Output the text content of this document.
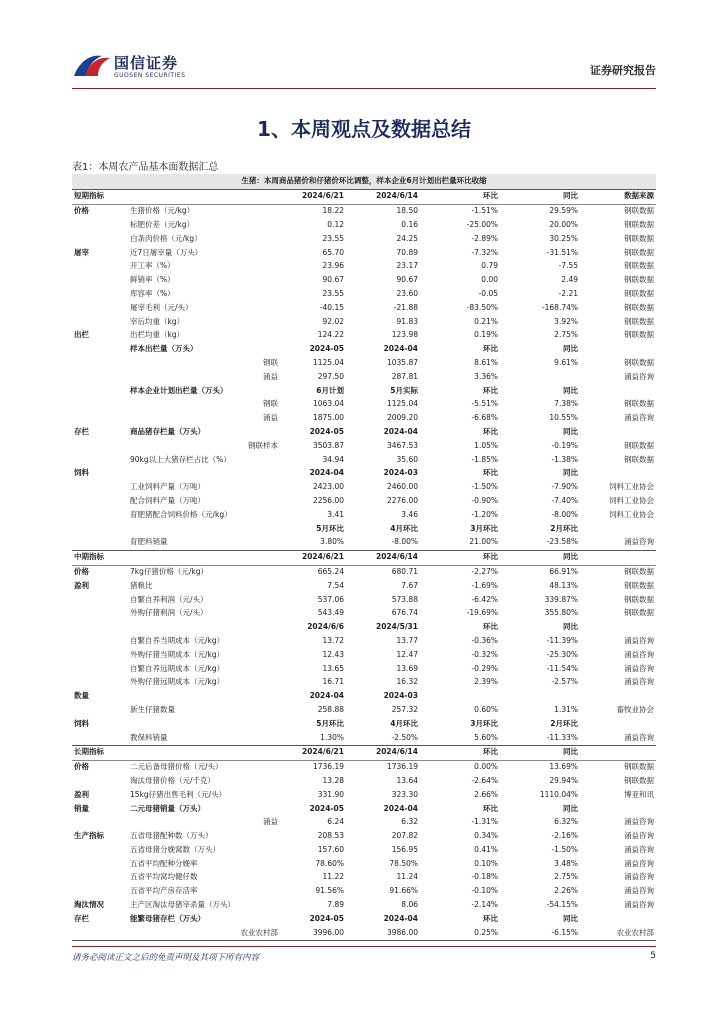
国信证券
GUOSEN SECURITIES	证券研究报告
1、本周观点及数据总结
表1：本周农产品基本面数据汇总
生猪：本周商品猪价和仔猪价环比调整，样本企业6月计划出栏量环比收缩						
短期指标		2024/6/21	2024/6/14	环比	同比	数据来源
价格	生猪价格（元/kg）	18.22	18.50	-1.51%	29.59%	钢联数据
	标肥价差（元/kg）	0.12	0.16	-25.00%	20.00%	钢联数据
	白条肉价格（元/kg）	23.55	24.25	-2.89%	30.25%	钢联数据
屠宰	近7日屠宰量（万头）	65.70	70.89	-7.32%	-31.51%	钢联数据
	开工率（%）	23.96	23.17	0.79	-7.55	钢联数据
	鲜销率（%）	90.67	90.67	0.00	2.49	钢联数据
	库容率（%）	23.55	23.60	-0.05	-2.21	钢联数据
	屠宰毛利（元/头）	-40.15	-21.88	-83.50%	-168.74%	钢联数据
	宰后均重（kg）	92.02	91.83	0.21%	3.92%	钢联数据
出栏	出栏均重（kg）	124.22	123.98	0.19%	2.75%	钢联数据
	样本出栏量（万头）	2024-05	2024-04	环比	同比	
	钢联	1125.04	1035.87	8.61%	9.61%	钢联数据
	涌益	297.50	287.81	3.36%		涌益咨询
	样本企业计划出栏量（万头）	6月计划	5月实际	环比	同比	
	钢联	1063.04	1125.04	-5.51%	7.38%	钢联数据
	涌益	1875.00	2009.20	-6.68%	10.55%	涌益咨询
存栏	商品猪存栏量（万头）	2024-05	2024-04	环比	同比	
	钢联样本	3503.87	3467.53	1.05%	-0.19%	钢联数据
	90kg以上大猪存栏占比（%）	34.94	35.60	-1.85%	-1.38%	钢联数据
饲料		2024-04	2024-03	环比	同比	
	工业饲料产量（万吨）	2423.00	2460.00	-1.50%	-7.90%	饲料工业协会
	配合饲料产量（万吨）	2256.00	2276.00	-0.90%	-7.40%	饲料工业协会
	育肥猪配合饲料价格（元/kg）	3.41	3.46	-1.20%	-8.00%	饲料工业协会
		5月环比	4月环比	3月环比	2月环比	
	育肥料销量	3.80%	-8.00%	21.00%	-23.58%	涌益咨询
中期指标		2024/6/21	2024/6/14	环比	同比	
价格	7kg仔猪价格（元/kg）	665.24	680.71	-2.27%	66.91%	钢联数据
盈利	猪粮比	7.54	7.67	-1.69%	48.13%	钢联数据
	自繁自养利润（元/头）	537.06	573.88	-6.42%	339.87%	钢联数据
	外购仔猪利润（元/头）	543.49	676.74	-19.69%	355.80%	钢联数据
		2024/6/6	2024/5/31	环比	同比	
	自繁自养当期成本（元/kg）	13.72	13.77	-0.36%	-11.39%	涌益咨询
	外购仔猪当期成本（元/kg）	12.43	12.47	-0.32%	-25.30%	涌益咨询
	自繁自养远期成本（元/kg）	13.65	13.69	-0.29%	-11.54%	涌益咨询
	外购仔猪远期成本（元/kg）	16.71	16.32	2.39%	-2.57%	涌益咨询
数量		2024-04	2024-03			
	新生仔猪数量	258.88	257.32	0.60%	1.31%	畜牧业协会
饲料		5月环比	4月环比	3月环比	2月环比	
	教保料销量	1.30%	-2.50%	5.60%	-11.33%	涌益咨询
长期指标		2024/6/21	2024/6/14	环比	同比	
价格	二元后备母猪价格（元/头）	1736.19	1736.19	0.00%	13.69%	钢联数据
	淘汰母猪价格（元/千克）	13.28	13.64	-2.64%	29.94%	钢联数据
盈利	15kg仔猪出售毛利（元/头）	331.90	323.30	2.66%	1110.04%	博亚和讯
销量	二元母猪销量（万头）	2024-05	2024-04	环比	同比	
	涌益	6.24	6.32	-1.31%	6.32%	涌益咨询
生产指标	五省母猪配种数（万头）	208.53	207.82	0.34%	-2.16%	涌益咨询
	五省母猪分娩窝数（万头）	157.60	156.95	0.41%	-1.50%	涌益咨询
	五省平均配种分娩率	78.60%	78.50%	0.10%	3.48%	涌益咨询
	五省平均窝均健仔数	11.22	11.24	-0.18%	2.75%	涌益咨询
	五省平均产房存活率	91.56%	91.66%	-0.10%	2.26%	涌益咨询
淘汰情况	主产区淘汰母猪宰杀量（万头）	7.89	8.06	-2.14%	-54.15%	涌益咨询
存栏	能繁母猪存栏（万头）	2024-05	2024-04	环比	同比	
	农业农村部	3996.00	3986.00	0.25%	-6.15%	农业农村部
请务必阅读正文之后的免责声明及其项下所有内容	5
